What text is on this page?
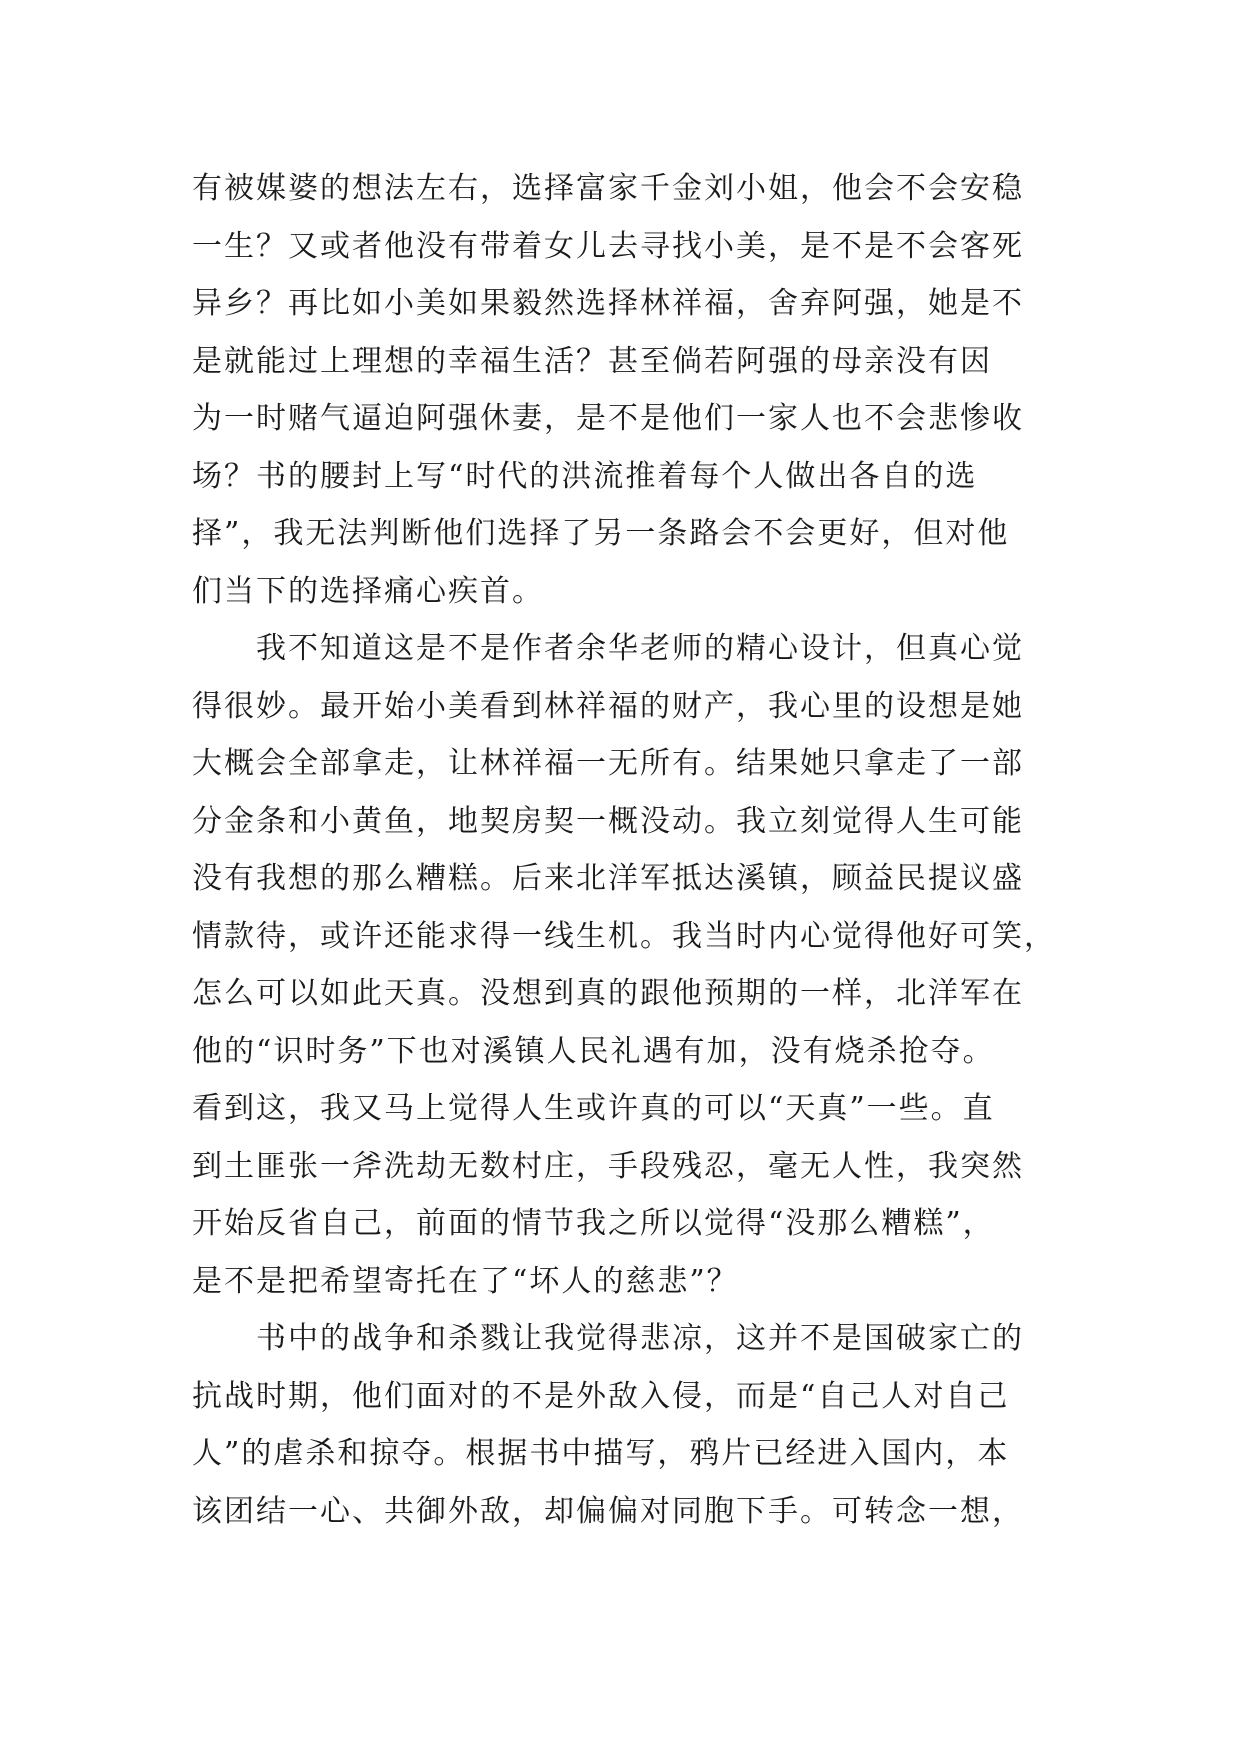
有被媒婆的想法左右，选择富家千金刘小姐，他会不会安稳
一生？又或者他没有带着女儿去寻找小美，是不是不会客死
异乡？再比如小美如果毅然选择林祥福，舍弃阿强，她是不
是就能过上理想的幸福生活？甚至倘若阿强的母亲没有因
为一时赌气逼迫阿强休妻，是不是他们一家人也不会悲惨收
场？书的腰封上写“时代的洪流推着每个人做出各自的选
择”，我无法判断他们选择了另一条路会不会更好，但对他
们当下的选择痛心疾首。
我不知道这是不是作者余华老师的精心设计，但真心觉
得很妙。最开始小美看到林祥福的财产，我心里的设想是她
大概会全部拿走，让林祥福一无所有。结果她只拿走了一部
分金条和小黄鱼，地契房契一概没动。我立刻觉得人生可能
没有我想的那么糟糕。后来北洋军抵达溪镇，顾益民提议盛
情款待，或许还能求得一线生机。我当时内心觉得他好可笑，
怎么可以如此天真。没想到真的跟他预期的一样，北洋军在
他的“识时务”下也对溪镇人民礼遇有加，没有烧杀抢夺。
看到这，我又马上觉得人生或许真的可以“天真”一些。直
到土匪张一斧洗劫无数村庄，手段残忍，毫无人性，我突然
开始反省自己，前面的情节我之所以觉得“没那么糟糕”，
是不是把希望寄托在了“坏人的慈悲”？
书中的战争和杀戮让我觉得悲凉，这并不是国破家亡的
抗战时期，他们面对的不是外敌入侵，而是“自己人对自己
人”的虐杀和掠夺。根据书中描写，鸦片已经进入国内，本
该团结一心、共御外敌，却偏偏对同胞下手。可转念一想，
